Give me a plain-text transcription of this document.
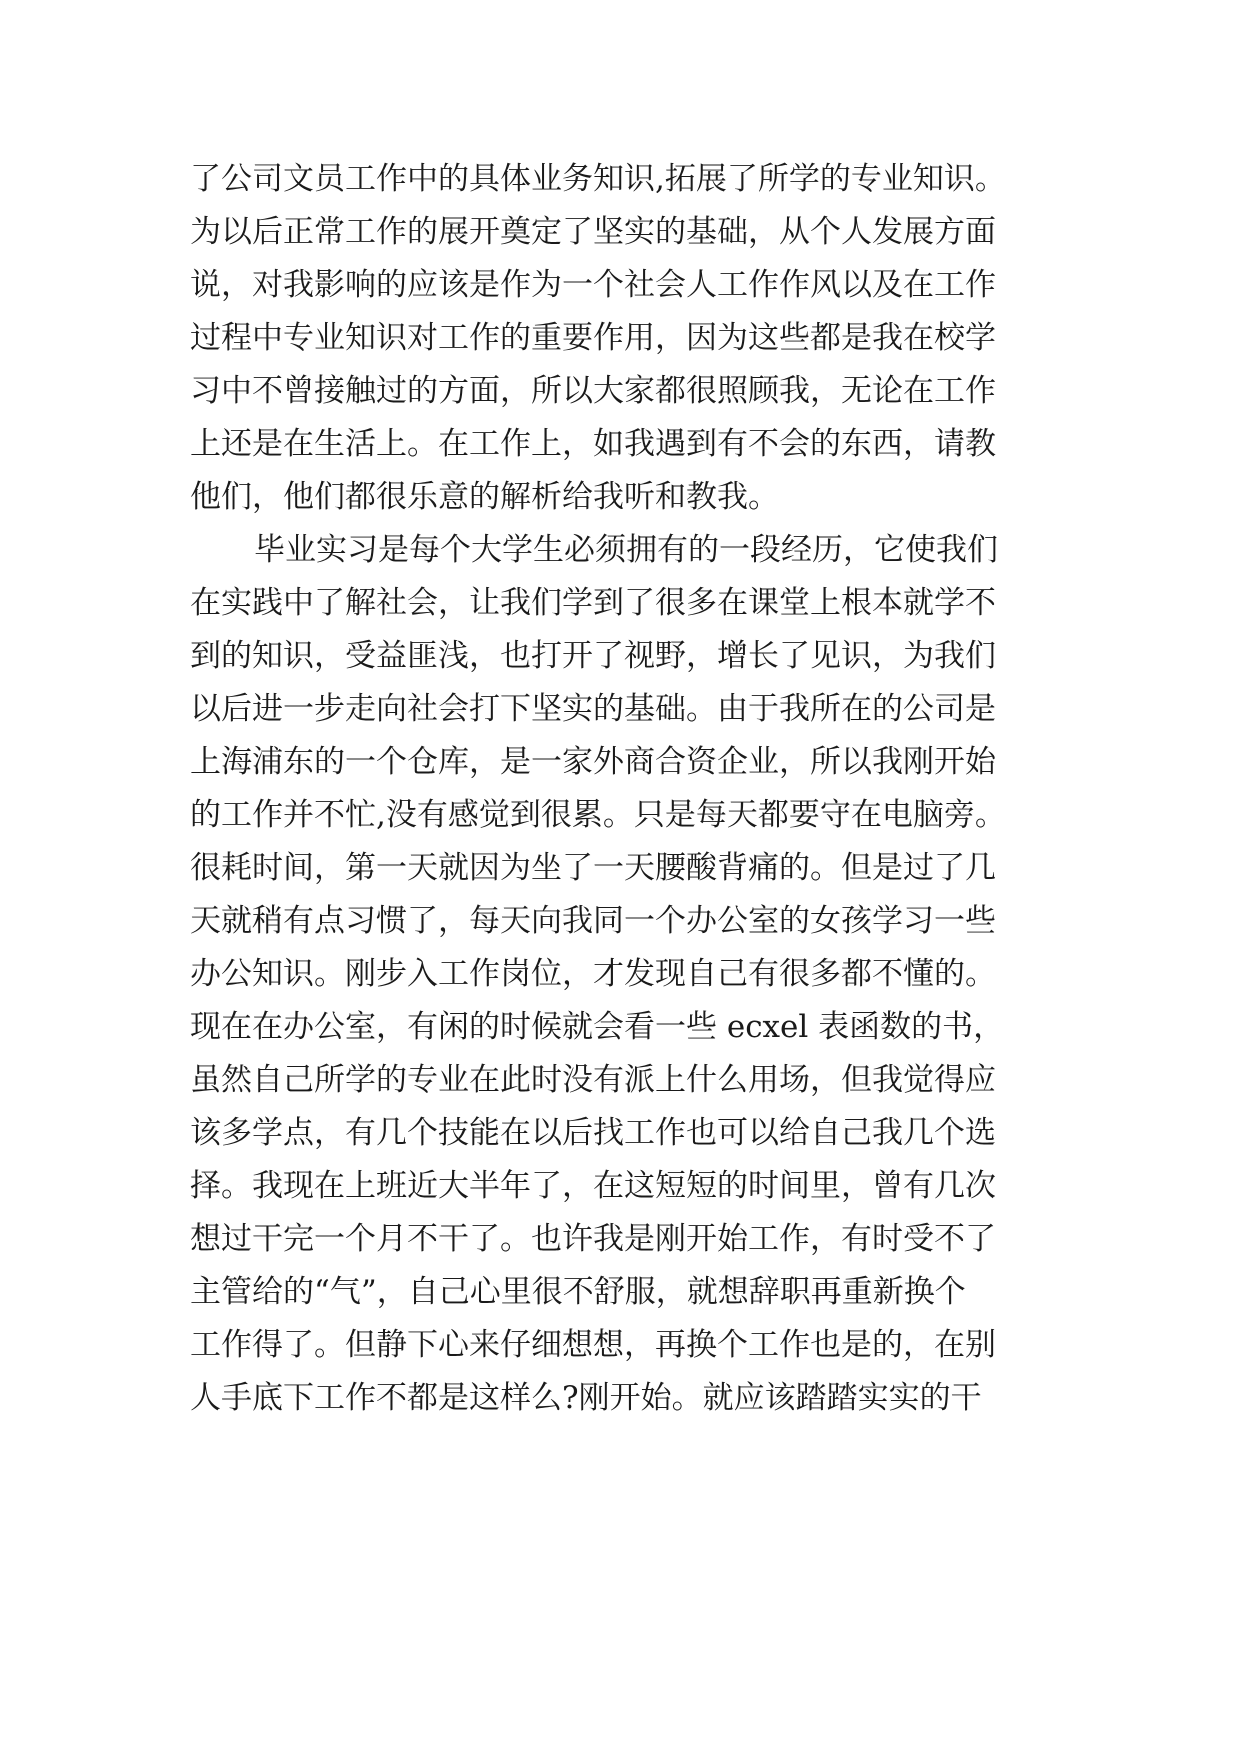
了公司文员工作中的具体业务知识,拓展了所学的专业知识。
为以后正常工作的展开奠定了坚实的基础，从个人发展方面
说，对我影响的应该是作为一个社会人工作作风以及在工作
过程中专业知识对工作的重要作用，因为这些都是我在校学
习中不曾接触过的方面，所以大家都很照顾我，无论在工作
上还是在生活上。在工作上，如我遇到有不会的东西，请教
他们，他们都很乐意的解析给我听和教我。
毕业实习是每个大学生必须拥有的一段经历，它使我们
在实践中了解社会，让我们学到了很多在课堂上根本就学不
到的知识，受益匪浅，也打开了视野，增长了见识，为我们
以后进一步走向社会打下坚实的基础。由于我所在的公司是
上海浦东的一个仓库，是一家外商合资企业，所以我刚开始
的工作并不忙,没有感觉到很累。只是每天都要守在电脑旁。
很耗时间，第一天就因为坐了一天腰酸背痛的。但是过了几
天就稍有点习惯了，每天向我同一个办公室的女孩学习一些
办公知识。刚步入工作岗位，才发现自己有很多都不懂的。
现在在办公室，有闲的时候就会看一些 ecxel 表函数的书，
虽然自己所学的专业在此时没有派上什么用场，但我觉得应
该多学点，有几个技能在以后找工作也可以给自己我几个选
择。我现在上班近大半年了，在这短短的时间里，曾有几次
想过干完一个月不干了。也许我是刚开始工作，有时受不了
主管给的“气”，自己心里很不舒服，就想辞职再重新换个
工作得了。但静下心来仔细想想，再换个工作也是的，在别
人手底下工作不都是这样么?刚开始。就应该踏踏实实的干
